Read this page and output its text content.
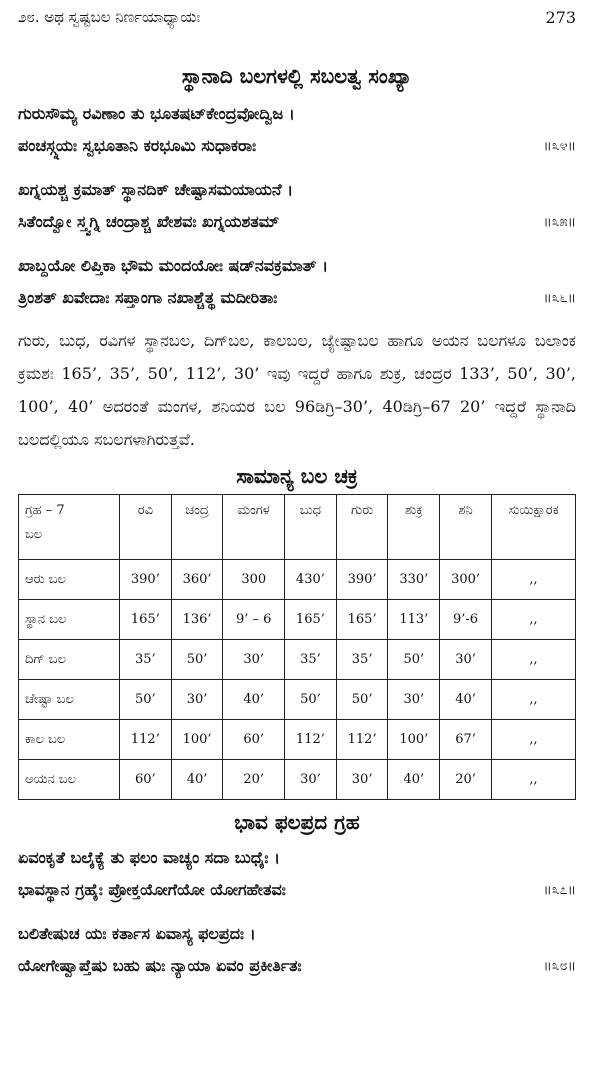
೨೮. ಅಥ ಸ್ವಷ್ಟಬಲ ನಿರ್ಣಯಾಧ್ಯಾಯಃ	273
ಸ್ಥಾನಾದಿ ಬಲಗಳಲ್ಲಿ ಸಬಲತ್ವ ಸಂಖ್ಯಾ
ಗುರುಸೌಮ್ಯ ರವಿಣಾಂ ತು ಭೂತಷಟ್‌ಕೇಂದ್ರವೋದ್ವಿಜ ।
ಪಂಚಸ್ಗ್ನಯಃ ಸ್ವಭೂತಾನಿ ಕರಭೂಮಿ ಸುಧಾಕರಾಃ	॥೩೪॥
ಖಗ್ನಯಶ್ಚ ಕ್ರಮಾತ್ ಸ್ಥಾನದಿಕ್ ಚೇಷ್ಟಾಸಮಯಾಯನೆ ।
ಸಿತೆಂದ್ವೋ ಸ್ತ್ವಗ್ನಿ ಚಂದ್ರಾಶ್ಚ ಖೇಶವಃ ಖಗ್ನಯಶತಮ್	॥೩೫॥
ಖಾಬ್ದಯೋ ಲಿಪ್ತಿಕಾ ಭೌಮ ಮಂದಯೋಃ ಷಡ್‌ನವಕ್ರಮಾತ್ ।
ತ್ರಿಂಶತ್ ಖವೇದಾಃ ಸಪ್ತಾಂಗಾ ನಖಾಶ್ಚೆತ್ಥ ಮದೀರಿತಾಃ	॥೩೬॥

ಗುರು, ಬುಧ, ರವಿಗಳ ಸ್ಥಾನಬಲ, ದಿಗ್‌ಬಲ, ಕಾಲಬಲ, ಜ್ಯೇಷ್ಟಾಬಲ ಹಾಗೂ ಅಯನ ಬಲಗಳೂ ಬಲಾಂಕ ಕ್ರಮಶಃ 165’, 35’, 50’, 112’, 30’ ಇವು ಇದ್ದರೆ ಹಾಗೂ ಶುಕ್ರ, ಚಂದ್ರರ 133’, 50’, 30’, 100’, 40’ ಅದರಂತೆ ಮಂಗಳ, ಶನಿಯರ ಬಲ 96ಡಿಗ್ರಿ–30’, 40ಡಿಗ್ರಿ–67 20’ ಇದ್ದರೆ ಸ್ಥಾನಾದಿ ಬಲದಲ್ಲಿಯೂ ಸಬಲಗಳಾಗಿರುತ್ತವೆ.

ಸಾಮಾನ್ಯ ಬಲ ಚಕ್ರ
ಗ್ರಹ – 7
ಬಲ	ರವಿ	ಚಂದ್ರ	ಮಂಗಳ	ಬುಧ	ಗುರು	ಶುಕ್ರ	ಶನಿ	ಸುಯಿಕ್ಷಾರಕ
ಆರು ಬಲ	390’	360’	300	430’	390’	330’	300’	,,
ಸ್ಥಾನ ಬಲ	165’	136’	9’ – 6	165’	165’	113’	9’-6	,,
ದಿಗ್ ಬಲ	35’	50’	30’	35’	35’	50’	30’	,,
ಚೇಷ್ಟಾ ಬಲ	50’	30’	40’	50’	50’	30’	40’	,,
ಕಾಲ ಬಲ	112’	100’	60’	112’	112’	100’	67’	,,
ಅಯನ ಬಲ	60’	40’	20’	30’	30’	40’	20’	,,
ಭಾವ ಫಲಪ್ರದ ಗ್ರಹ
ಏವಂಕೃತೆ ಬಲೈಕ್ಯೆ ತು ಫಲಂ ವಾಚ್ಯಂ ಸದಾ ಬುಧೈಃ ।
ಭಾವಸ್ಥಾನ ಗ್ರಹೈಃ ಪ್ರೋಕ್ತಯೋಗೆಯೋ ಯೋಗಹೇತವಃ	॥೩೭॥
ಬಲಿತೇಷುಚ ಯಃ ಕರ್ತಾಸ ಏವಾಸ್ಯ ಫಲಪ್ರದಃ ।
ಯೋಗೇಷ್ವಾಪ್ತೆಷು ಬಹು ಷುಃ ನ್ಯಾಯಾ ಏವಂ ಪ್ರಕೀರ್ತಿತಃ	॥೩೮॥
